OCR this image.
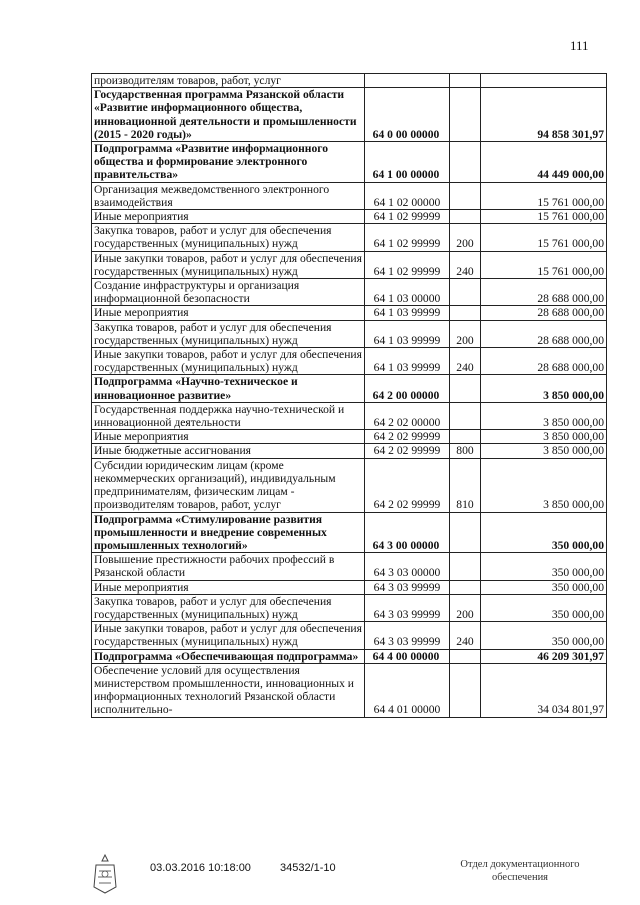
111
производителям товаров, работ, услуг			
Государственная программа Рязанской области «Развитие информационного общества, инновационной деятельности и промышленности (2015 - 2020 годы)»	64 0 00 00000		94 858 301,97
Подпрограмма «Развитие информационного общества и формирование электронного правительства»	64 1 00 00000		44 449 000,00
Организация межведомственного электронного взаимодействия	64 1 02 00000		15 761 000,00
Иные мероприятия	64 1 02 99999		15 761 000,00
Закупка товаров, работ и услуг для обеспечения государственных (муниципальных) нужд	64 1 02 99999	200	15 761 000,00
Иные закупки товаров, работ и услуг для обеспечения государственных (муниципальных) нужд	64 1 02 99999	240	15 761 000,00
Создание инфраструктуры и организация информационной безопасности	64 1 03 00000		28 688 000,00
Иные мероприятия	64 1 03 99999		28 688 000,00
Закупка товаров, работ и услуг для обеспечения государственных (муниципальных) нужд	64 1 03 99999	200	28 688 000,00
Иные закупки товаров, работ и услуг для обеспечения государственных (муниципальных) нужд	64 1 03 99999	240	28 688 000,00
Подпрограмма «Научно-техническое и инновационное развитие»	64 2 00 00000		3 850 000,00
Государственная поддержка научно-технической и инновационной деятельности	64 2 02 00000		3 850 000,00
Иные мероприятия	64 2 02 99999		3 850 000,00
Иные бюджетные ассигнования	64 2 02 99999	800	3 850 000,00
Субсидии юридическим лицам (кроме некоммерческих организаций), индивидуальным предпринимателям, физическим лицам - производителям товаров, работ, услуг	64 2 02 99999	810	3 850 000,00
Подпрограмма «Стимулирование развития промышленности и внедрение современных промышленных технологий»	64 3 00 00000		350 000,00
Повышение престижности рабочих профессий в Рязанской области	64 3 03 00000		350 000,00
Иные мероприятия	64 3 03 99999		350 000,00
Закупка товаров, работ и услуг для обеспечения государственных (муниципальных) нужд	64 3 03 99999	200	350 000,00
Иные закупки товаров, работ и услуг для обеспечения государственных (муниципальных) нужд	64 3 03 99999	240	350 000,00
Подпрограмма «Обеспечивающая подпрограмма»	64 4 00 00000		46 209 301,97
Обеспечение условий для осуществления министерством промышленности, инновационных и информационных технологий Рязанской области исполнительно-	64 4 01 00000		34 034 801,97
03.03.2016 10:18:00	34532/1-10	Отдел документационного обеспечения
